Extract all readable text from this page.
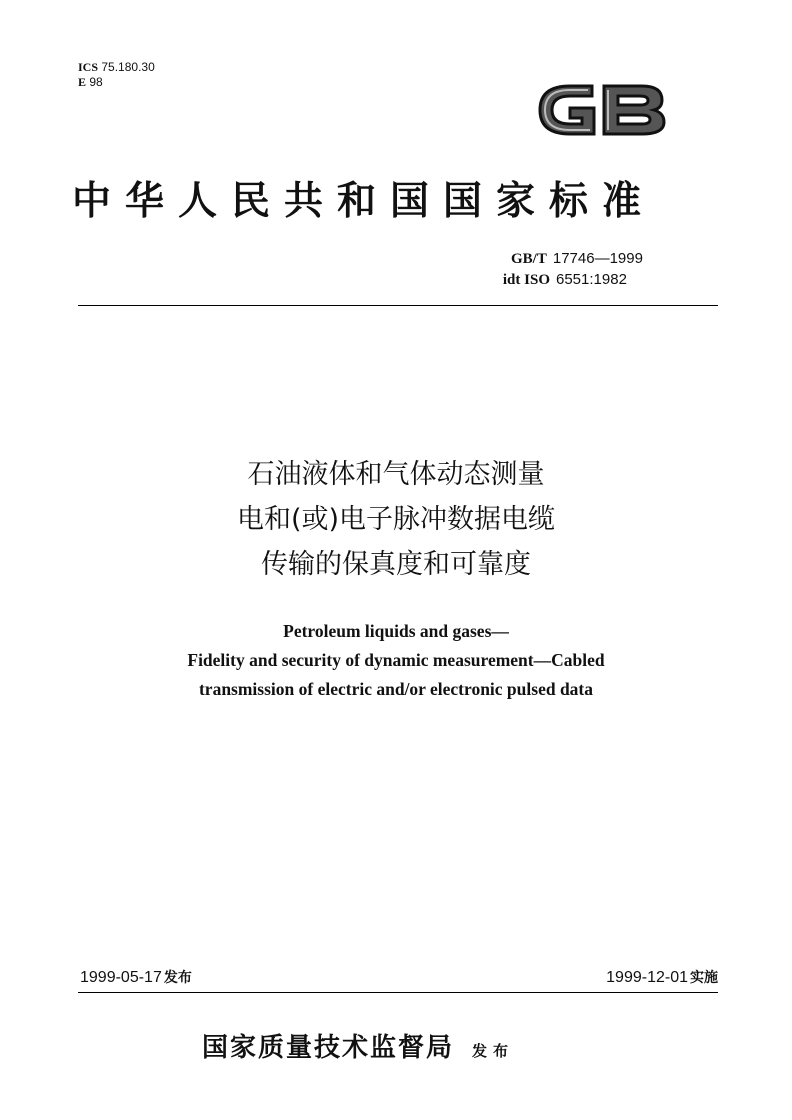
ICS 75.180.30
E 98
中华人民共和国国家标准
GB/T 17746—1999
idt ISO 6551:1982
石油液体和气体动态测量
电和(或)电子脉冲数据电缆
传输的保真度和可靠度
Petroleum liquids and gases—
Fidelity and security of dynamic measurement—Cabled
transmission of electric and/or electronic pulsed data
1999-05-17 发布	1999-12-01 实施
国家质量技术监督局 发布
